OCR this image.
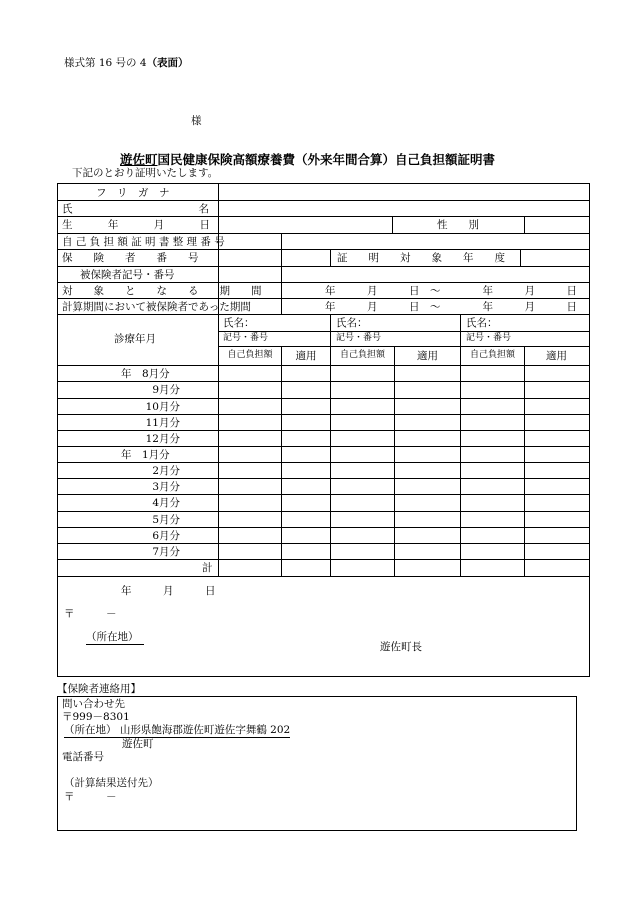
様式第 16 号の 4（表面）
様
遊佐町国民健康保険高額療養費（外来年間合算）自己負担額証明書
下記のとおり証明いたします。
フ　リ　ガ　ナ
氏　　　　　　　　　　　　名
生	年	月	日	性　　別
自 己 負 担 額 証 明 書 整 理 番 号
保　　険　　者　　番　　号	証　　明　　対　　象　　年　　度
被保険者記号・番号
対　　象　　と　　な　　る　　期　　間	年　　　月　　　日　～　　　　年　　　月　　　日
計算期間において被保険者であった期間	年　　　月　　　日　～　　　　年　　　月　　　日
診療年月
氏名：	氏名：	氏名：
記号・番号	記号・番号	記号・番号
自己負担額	適用	自己負担額	適用	自己負担額	適用
年　8月分
9月分
10月分
11月分
12月分
年　1月分
2月分
3月分
4月分
5月分
6月分
7月分
計
年　　　月　　　日
〒　　　－
（所在地）
遊佐町長
【保険者連絡用】
問い合わせ先
〒999－8301
（所在地） 山形県飽海郡遊佐町遊佐字舞鶴 202
遊佐町
電話番号
（計算結果送付先）
〒　　　－
